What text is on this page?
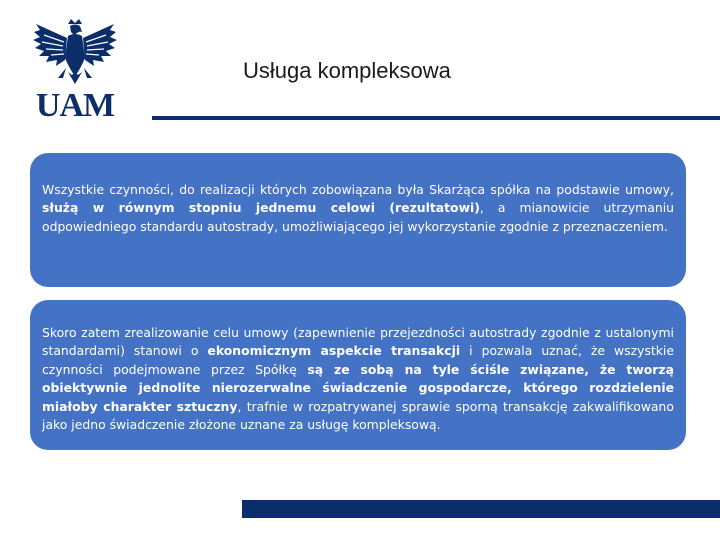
UAM
Usługa kompleksowa

Wszystkie czynności, do realizacji których zobowiązana była Skarżąca spółka na podstawie umowy, służą w równym stopniu jednemu celowi (rezultatowi), a mianowicie utrzymaniu odpowiedniego standardu autostrady, umożliwiającego jej wykorzystanie zgodnie z przeznaczeniem.

Skoro zatem zrealizowanie celu umowy (zapewnienie przejezdności autostrady zgodnie z ustalonymi standardami) stanowi o ekonomicznym aspekcie transakcji i pozwala uznać, że wszystkie czynności podejmowane przez Spółkę są ze sobą na tyle ściśle związane, że tworzą obiektywnie jednolite nierozerwalne świadczenie gospodarcze, którego rozdzielenie miałoby charakter sztuczny, trafnie w rozpatrywanej sprawie sporną transakcję zakwalifikowano jako jedno świadczenie złożone uznane za usługę kompleksową.
